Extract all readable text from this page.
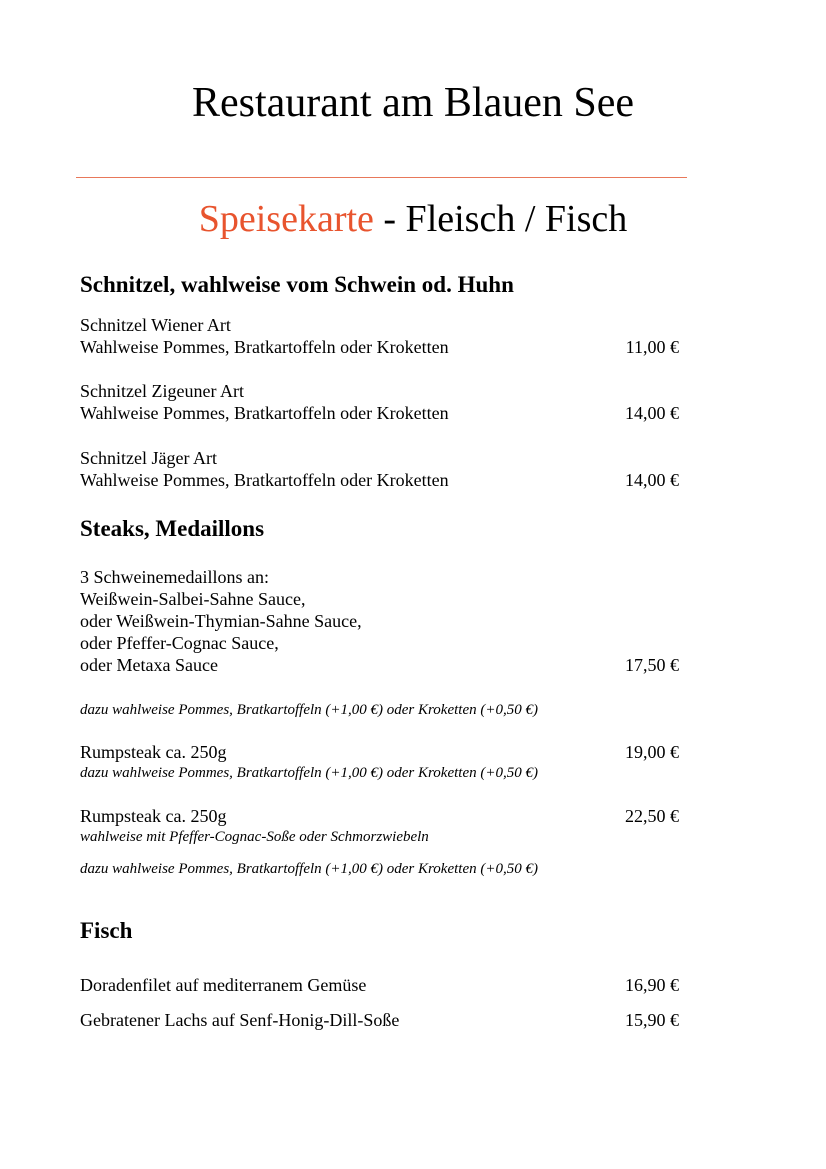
Restaurant am Blauen See
Speisekarte - Fleisch / Fisch
Schnitzel, wahlweise vom Schwein od. Huhn
Schnitzel Wiener Art
Wahlweise Pommes, Bratkartoffeln oder Kroketten	11,00 €
Schnitzel Zigeuner Art
Wahlweise Pommes, Bratkartoffeln oder Kroketten	14,00 €
Schnitzel Jäger Art
Wahlweise Pommes, Bratkartoffeln oder Kroketten	14,00 €
Steaks, Medaillons
3 Schweinemedaillons an:
Weißwein-Salbei-Sahne Sauce,
oder Weißwein-Thymian-Sahne Sauce,
oder Pfeffer-Cognac Sauce,
oder Metaxa Sauce	17,50 €
dazu wahlweise Pommes, Bratkartoffeln (+1,00 €) oder Kroketten (+0,50 €)
Rumpsteak ca. 250g	19,00 €
dazu wahlweise Pommes, Bratkartoffeln (+1,00 €) oder Kroketten (+0,50 €)
Rumpsteak ca. 250g	22,50 €
wahlweise mit Pfeffer-Cognac-Soße oder Schmorzwiebeln
dazu wahlweise Pommes, Bratkartoffeln (+1,00 €) oder Kroketten (+0,50 €)
Fisch
Doradenfilet auf mediterranem Gemüse	16,90 €
Gebratener Lachs auf Senf-Honig-Dill-Soße	15,90 €
